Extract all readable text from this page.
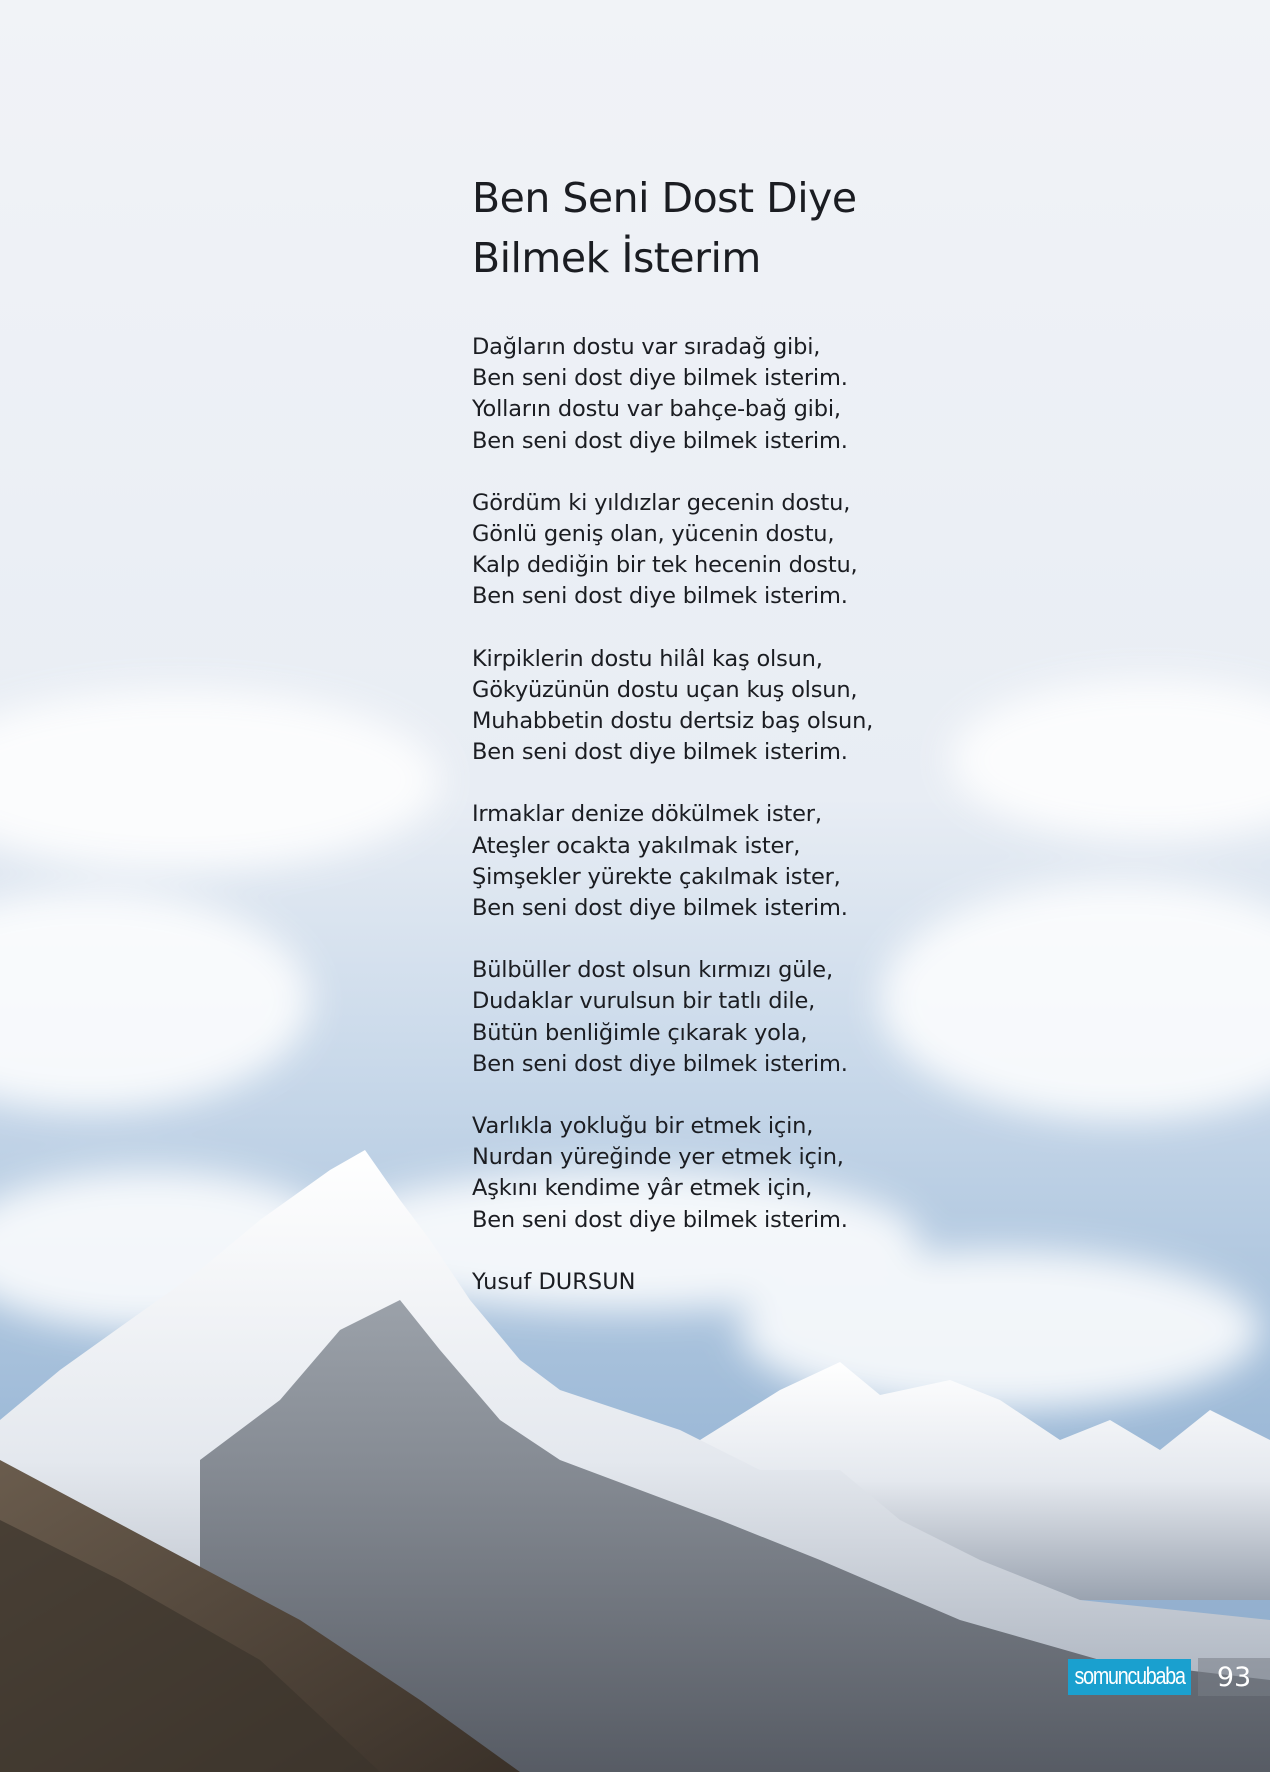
Ben Seni Dost Diye
Bilmek İsterim
Dağların dostu var sıradağ gibi,
Ben seni dost diye bilmek isterim.
Yolların dostu var bahçe-bağ gibi,
Ben seni dost diye bilmek isterim.
Gördüm ki yıldızlar gecenin dostu,
Gönlü geniş olan, yücenin dostu,
Kalp dediğin bir tek hecenin dostu,
Ben seni dost diye bilmek isterim.
Kirpiklerin dostu hilâl kaş olsun,
Gökyüzünün dostu uçan kuş olsun,
Muhabbetin dostu dertsiz baş olsun,
Ben seni dost diye bilmek isterim.
Irmaklar denize dökülmek ister,
Ateşler ocakta yakılmak ister,
Şimşekler yürekte çakılmak ister,
Ben seni dost diye bilmek isterim.
Bülbüller dost olsun kırmızı güle,
Dudaklar vurulsun bir tatlı dile,
Bütün benliğimle çıkarak yola,
Ben seni dost diye bilmek isterim.
Varlıkla yokluğu bir etmek için,
Nurdan yüreğinde yer etmek için,
Aşkını kendime yâr etmek için,
Ben seni dost diye bilmek isterim.
Yusuf DURSUN
somuncubaba	93
